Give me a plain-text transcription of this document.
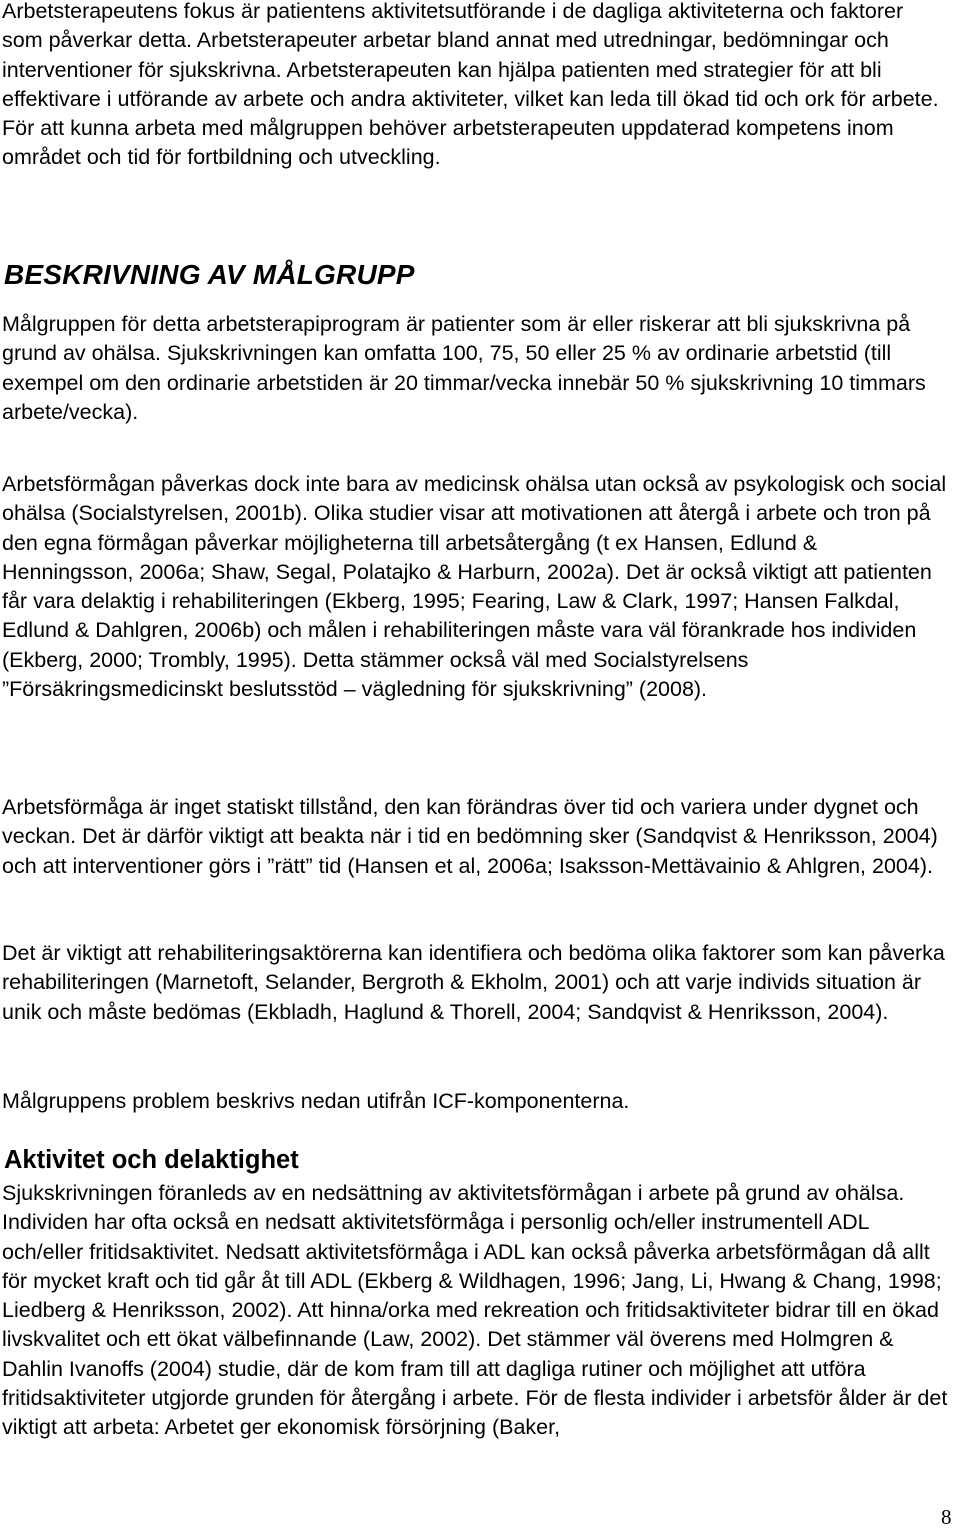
Arbetsterapeutens fokus är patientens aktivitetsutförande i de dagliga aktiviteterna och faktorer som påverkar detta. Arbetsterapeuter arbetar bland annat med utredningar, bedömningar och interventioner för sjukskrivna. Arbetsterapeuten kan hjälpa patienten med strategier för att bli effektivare i utförande av arbete och andra aktiviteter, vilket kan leda till ökad tid och ork för arbete. För att kunna arbeta med målgruppen behöver arbetsterapeuten uppdaterad kompetens inom området och tid för fortbildning och utveckling.

BESKRIVNING AV MÅLGRUPP

Målgruppen för detta arbetsterapiprogram är patienter som är eller riskerar att bli sjukskrivna på grund av ohälsa. Sjukskrivningen kan omfatta 100, 75, 50 eller 25 % av ordinarie arbetstid (till exempel om den ordinarie arbetstiden är 20 timmar/vecka innebär 50 % sjukskrivning 10 timmars arbete/vecka).

Arbetsförmågan påverkas dock inte bara av medicinsk ohälsa utan också av psykologisk och social ohälsa (Socialstyrelsen, 2001b). Olika studier visar att motivationen att återgå i arbete och tron på den egna förmågan påverkar möjligheterna till arbetsåtergång (t ex Hansen, Edlund & Henningsson, 2006a; Shaw, Segal, Polatajko & Harburn, 2002a). Det är också viktigt att patienten får vara delaktig i rehabiliteringen (Ekberg, 1995; Fearing, Law & Clark, 1997; Hansen Falkdal, Edlund & Dahlgren, 2006b) och målen i rehabiliteringen måste vara väl förankrade hos individen (Ekberg, 2000; Trombly, 1995). Detta stämmer också väl med Socialstyrelsens ”Försäkringsmedicinskt beslutsstöd – vägledning för sjukskrivning” (2008).

Arbetsförmåga är inget statiskt tillstånd, den kan förändras över tid och variera under dygnet och veckan. Det är därför viktigt att beakta när i tid en bedömning sker (Sandqvist & Henriksson, 2004) och att interventioner görs i ”rätt” tid (Hansen et al, 2006a; Isaksson-Mettävainio & Ahlgren, 2004).

Det är viktigt att rehabiliteringsaktörerna kan identifiera och bedöma olika faktorer som kan påverka rehabiliteringen (Marnetoft, Selander, Bergroth & Ekholm, 2001) och att varje individs situation är unik och måste bedömas (Ekbladh, Haglund & Thorell, 2004; Sandqvist & Henriksson, 2004).

Målgruppens problem beskrivs nedan utifrån ICF-komponenterna.

Aktivitet och delaktighet

Sjukskrivningen föranleds av en nedsättning av aktivitetsförmågan i arbete på grund av ohälsa. Individen har ofta också en nedsatt aktivitetsförmåga i personlig och/eller instrumentell ADL och/eller fritidsaktivitet. Nedsatt aktivitetsförmåga i ADL kan också påverka arbetsförmågan då allt för mycket kraft och tid går åt till ADL (Ekberg & Wildhagen, 1996; Jang, Li, Hwang & Chang, 1998; Liedberg & Henriksson, 2002). Att hinna/orka med rekreation och fritidsaktiviteter bidrar till en ökad livskvalitet och ett ökat välbefinnande (Law, 2002). Det stämmer väl överens med Holmgren & Dahlin Ivanoffs (2004) studie, där de kom fram till att dagliga rutiner och möjlighet att utföra fritidsaktiviteter utgjorde grunden för återgång i arbete. För de flesta individer i arbetsför ålder är det viktigt att arbeta: Arbetet ger ekonomisk försörjning (Baker,

8
